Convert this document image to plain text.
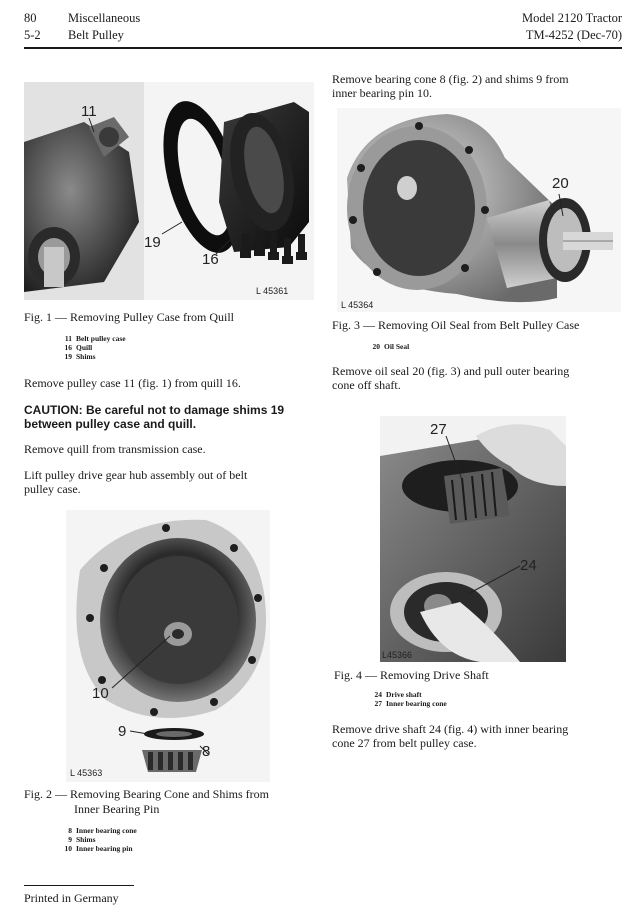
80	Miscellaneous
5-2 Belt Pulley
Model 2120 Tractor
TM-4252 (Dec-70)
11
19
16
L 45361
Fig. 1 — Removing Pulley Case from Quill
11 Belt pulley case
16 Quill
19 Shims
Remove pulley case 11 (fig. 1) from quill 16.
CAUTION: Be careful not to damage shims 19
between pulley case and quill.
Remove quill from transmission case.
Lift pulley drive gear hub assembly out of belt
pulley case.
10
9
8
L 45363
Fig. 2 — Removing Bearing Cone and Shims from
Inner Bearing Pin
8 Inner bearing cone
9 Shims
10 Inner bearing pin
Printed in Germany
Remove bearing cone 8 (fig. 2) and shims 9 from
inner bearing pin 10.
20
L 45364
Fig. 3 — Removing Oil Seal from Belt Pulley Case
20 Oil Seal
Remove oil seal 20 (fig. 3) and pull outer bearing
cone off shaft.
27
24
L45366
Fig. 4 — Removing Drive Shaft
24 Drive shaft
27 Inner bearing cone
Remove drive shaft 24 (fig. 4) with inner bearing
cone 27 from belt pulley case.
